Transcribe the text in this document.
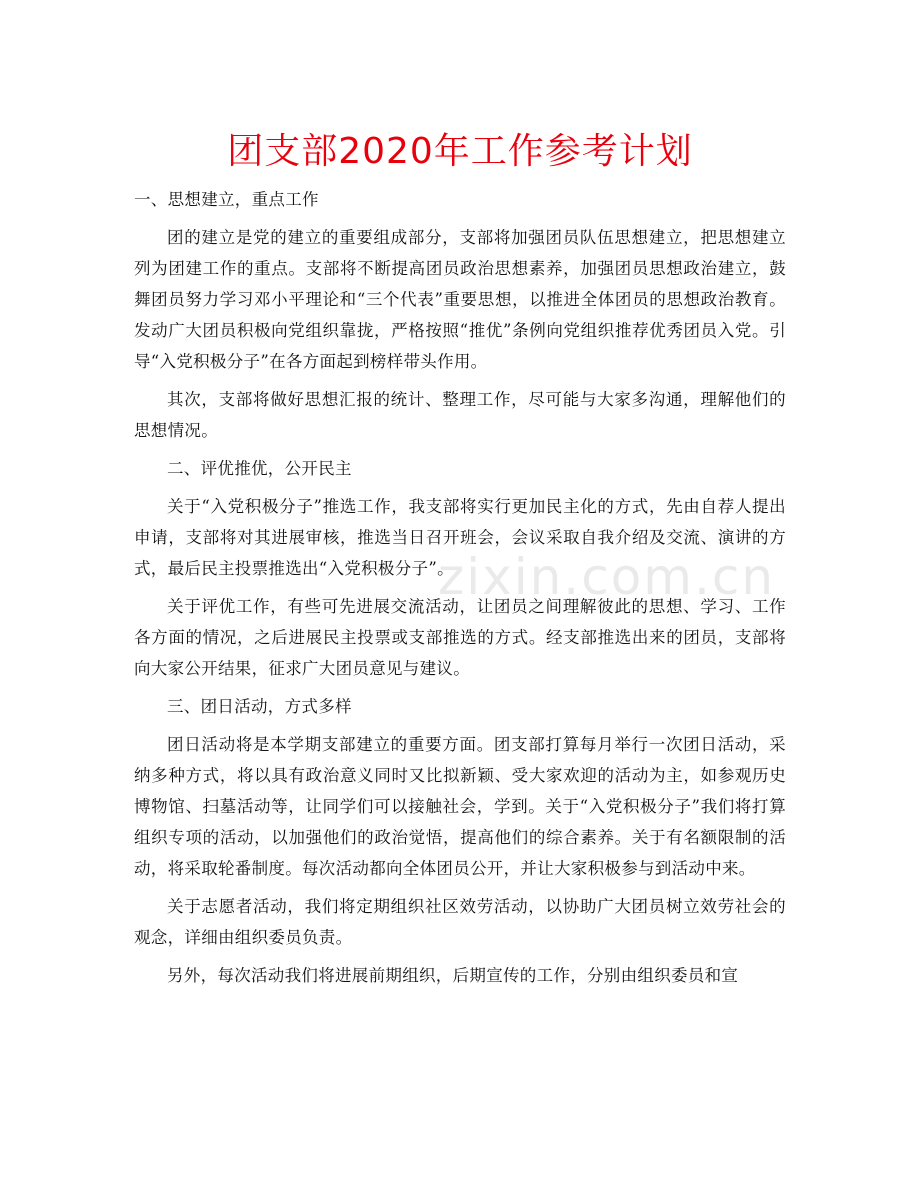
团支部2020年工作参考计划
zixin.com.cn

一、思想建立，重点工作

团的建立是党的建立的重要组成部分，支部将加强团员队伍思想建立，把思想建立列为团建工作的重点。支部将不断提高团员政治思想素养，加强团员思想政治建立，鼓舞团员努力学习邓小平理论和“三个代表”重要思想，以推进全体团员的思想政治教育。发动广大团员积极向党组织靠拢，严格按照“推优”条例向党组织推荐优秀团员入党。引导“入党积极分子”在各方面起到榜样带头作用。

其次，支部将做好思想汇报的统计、整理工作，尽可能与大家多沟通，理解他们的思想情况。

二、评优推优，公开民主

关于“入党积极分子”推选工作，我支部将实行更加民主化的方式，先由自荐人提出申请，支部将对其进展审核，推选当日召开班会，会议采取自我介绍及交流、演讲的方式，最后民主投票推选出“入党积极分子”。

关于评优工作，有些可先进展交流活动，让团员之间理解彼此的思想、学习、工作各方面的情况，之后进展民主投票或支部推选的方式。经支部推选出来的团员，支部将向大家公开结果，征求广大团员意见与建议。

三、团日活动，方式多样

团日活动将是本学期支部建立的重要方面。团支部打算每月举行一次团日活动，采纳多种方式，将以具有政治意义同时又比拟新颖、受大家欢迎的活动为主，如参观历史博物馆、扫墓活动等，让同学们可以接触社会，学到。关于“入党积极分子”我们将打算组织专项的活动，以加强他们的政治觉悟，提高他们的综合素养。关于有名额限制的活动，将采取轮番制度。每次活动都向全体团员公开，并让大家积极参与到活动中来。

关于志愿者活动，我们将定期组织社区效劳活动，以协助广大团员树立效劳社会的观念，详细由组织委员负责。

另外，每次活动我们将进展前期组织，后期宣传的工作，分别由组织委员和宣
